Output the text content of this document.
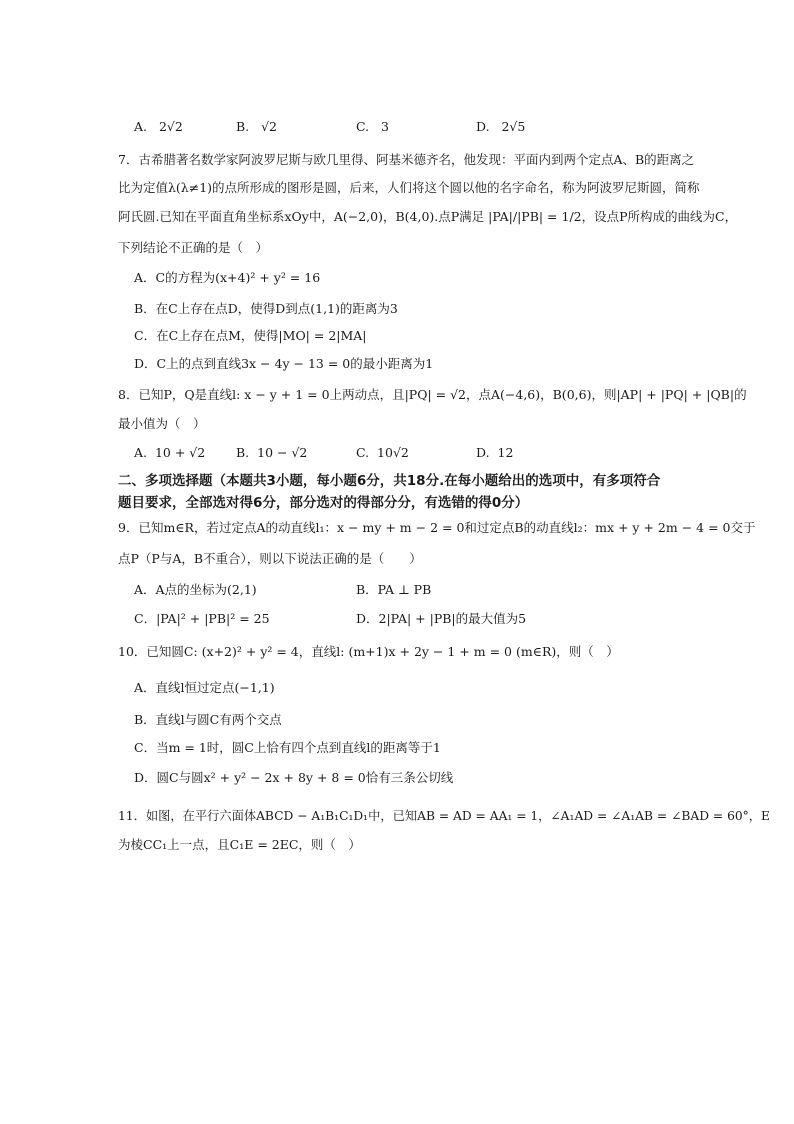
A. 2√2	B. √2	C. 3	D. 2√5
7．古希腊著名数学家阿波罗尼斯与欧几里得、阿基米德齐名，他发现：平面内到两个定点A、B的距离之
比为定值λ(λ≠1)的点所形成的图形是圆，后来，人们将这个圆以他的名字命名，称为阿波罗尼斯圆，简称
阿氏圆.已知在平面直角坐标系xOy中，A(−2,0)，B(4,0).点P满足 |PA|/|PB| = 1/2，设点P所构成的曲线为C，
下列结论不正确的是（　）
A．C的方程为(x+4)² + y² = 16
B．在C上存在点D，使得D到点(1,1)的距离为3
C．在C上存在点M，使得|MO| = 2|MA|
D．C上的点到直线3x − 4y − 13 = 0的最小距离为1
8．已知P，Q是直线l: x − y + 1 = 0上两动点，且|PQ| = √2，点A(−4,6)，B(0,6)，则|AP| + |PQ| + |QB|的
最小值为（　）
A. 10 + √2 B. 10 − √2	C. 10√2	D. 12
二、多项选择题（本题共3小题，每小题6分，共18分.在每小题给出的选项中，有多项符合
题目要求，全部选对得6分，部分选对的得部分分，有选错的得0分）
9．已知m∈R，若过定点A的动直线l₁：x − my + m − 2 = 0和过定点B的动直线l₂：mx + y + 2m − 4 = 0交于
点P（P与A，B不重合），则以下说法正确的是（　　）
A．A点的坐标为(2,1)	B．PA ⊥ PB
C．|PA|² + |PB|² = 25	D．2|PA| + |PB|的最大值为5
10．已知圆C: (x+2)² + y² = 4，直线l: (m+1)x + 2y − 1 + m = 0 (m∈R)，则（　）
A．直线l恒过定点(−1,1)
B．直线l与圆C有两个交点
C．当m = 1时，圆C上恰有四个点到直线l的距离等于1
D．圆C与圆x² + y² − 2x + 8y + 8 = 0恰有三条公切线
11．如图，在平行六面体ABCD − A₁B₁C₁D₁中，已知AB = AD = AA₁ = 1，∠A₁AD = ∠A₁AB = ∠BAD = 60°，E
为棱CC₁上一点，且C₁E = 2EC，则（　）
